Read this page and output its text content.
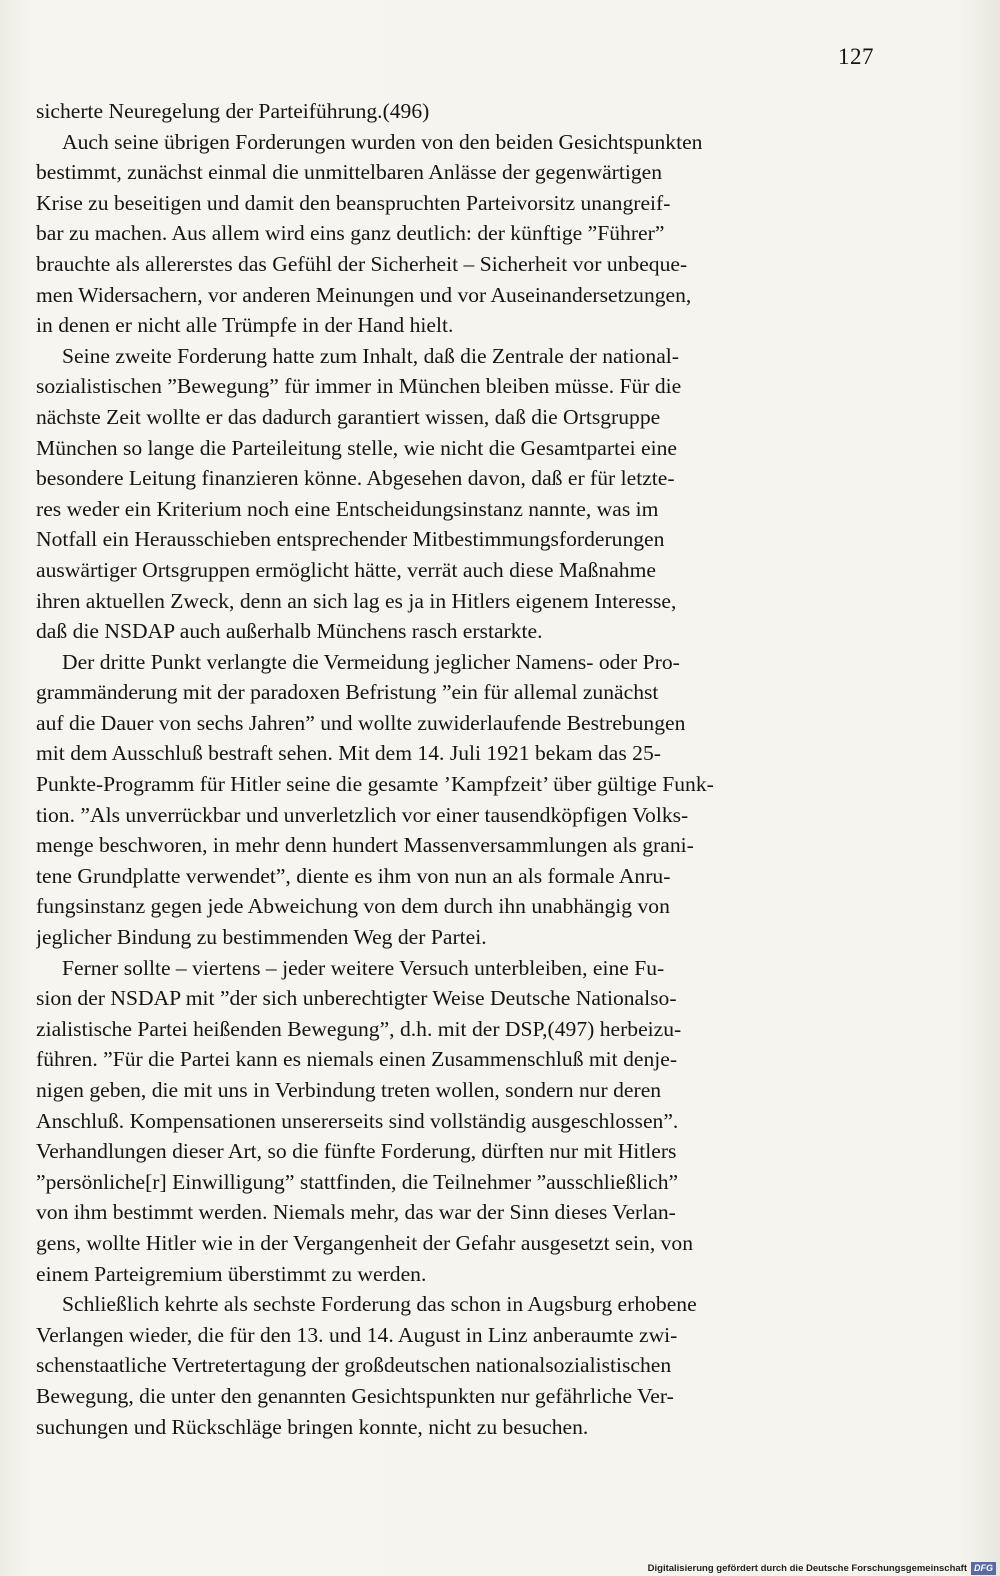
127
sicherte Neuregelung der Parteiführung.(496)
Auch seine übrigen Forderungen wurden von den beiden Gesichtspunkten
bestimmt, zunächst einmal die unmittelbaren Anlässe der gegenwärtigen
Krise zu beseitigen und damit den beanspruchten Parteivorsitz unangreif-
bar zu machen. Aus allem wird eins ganz deutlich: der künftige ”Führer”
brauchte als allererstes das Gefühl der Sicherheit – Sicherheit vor unbeque-
men Widersachern, vor anderen Meinungen und vor Auseinandersetzungen,
in denen er nicht alle Trümpfe in der Hand hielt.
Seine zweite Forderung hatte zum Inhalt, daß die Zentrale der national-
sozialistischen ”Bewegung” für immer in München bleiben müsse. Für die
nächste Zeit wollte er das dadurch garantiert wissen, daß die Ortsgruppe
München so lange die Parteileitung stelle, wie nicht die Gesamtpartei eine
besondere Leitung finanzieren könne. Abgesehen davon, daß er für letzte-
res weder ein Kriterium noch eine Entscheidungsinstanz nannte, was im
Notfall ein Herausschieben entsprechender Mitbestimmungsforderungen
auswärtiger Ortsgruppen ermöglicht hätte, verrät auch diese Maßnahme
ihren aktuellen Zweck, denn an sich lag es ja in Hitlers eigenem Interesse,
daß die NSDAP auch außerhalb Münchens rasch erstarkte.
Der dritte Punkt verlangte die Vermeidung jeglicher Namens- oder Pro-
grammänderung mit der paradoxen Befristung ”ein für allemal zunächst
auf die Dauer von sechs Jahren” und wollte zuwiderlaufende Bestrebungen
mit dem Ausschluß bestraft sehen. Mit dem 14. Juli 1921 bekam das 25-
Punkte-Programm für Hitler seine die gesamte ’Kampfzeit’ über gültige Funk-
tion. ”Als unverrückbar und unverletzlich vor einer tausendköpfigen Volks-
menge beschworen, in mehr denn hundert Massenversammlungen als grani-
tene Grundplatte verwendet”, diente es ihm von nun an als formale Anru-
fungsinstanz gegen jede Abweichung von dem durch ihn unabhängig von
jeglicher Bindung zu bestimmenden Weg der Partei.
Ferner sollte – viertens – jeder weitere Versuch unterbleiben, eine Fu-
sion der NSDAP mit ”der sich unberechtigter Weise Deutsche Nationalso-
zialistische Partei heißenden Bewegung”, d.h. mit der DSP,(497) herbeizu-
führen. ”Für die Partei kann es niemals einen Zusammenschluß mit denje-
nigen geben, die mit uns in Verbindung treten wollen, sondern nur deren
Anschluß. Kompensationen unsererseits sind vollständig ausgeschlossen”.
Verhandlungen dieser Art, so die fünfte Forderung, dürften nur mit Hitlers
”persönliche[r] Einwilligung” stattfinden, die Teilnehmer ”ausschließlich”
von ihm bestimmt werden. Niemals mehr, das war der Sinn dieses Verlan-
gens, wollte Hitler wie in der Vergangenheit der Gefahr ausgesetzt sein, von
einem Parteigremium überstimmt zu werden.
Schließlich kehrte als sechste Forderung das schon in Augsburg erhobene
Verlangen wieder, die für den 13. und 14. August in Linz anberaumte zwi-
schenstaatliche Vertretertagung der großdeutschen nationalsozialistischen
Bewegung, die unter den genannten Gesichtspunkten nur gefährliche Ver-
suchungen und Rückschläge bringen konnte, nicht zu besuchen.
Digitalisierung gefördert durch die Deutsche Forschungsgemeinschaft DFG
